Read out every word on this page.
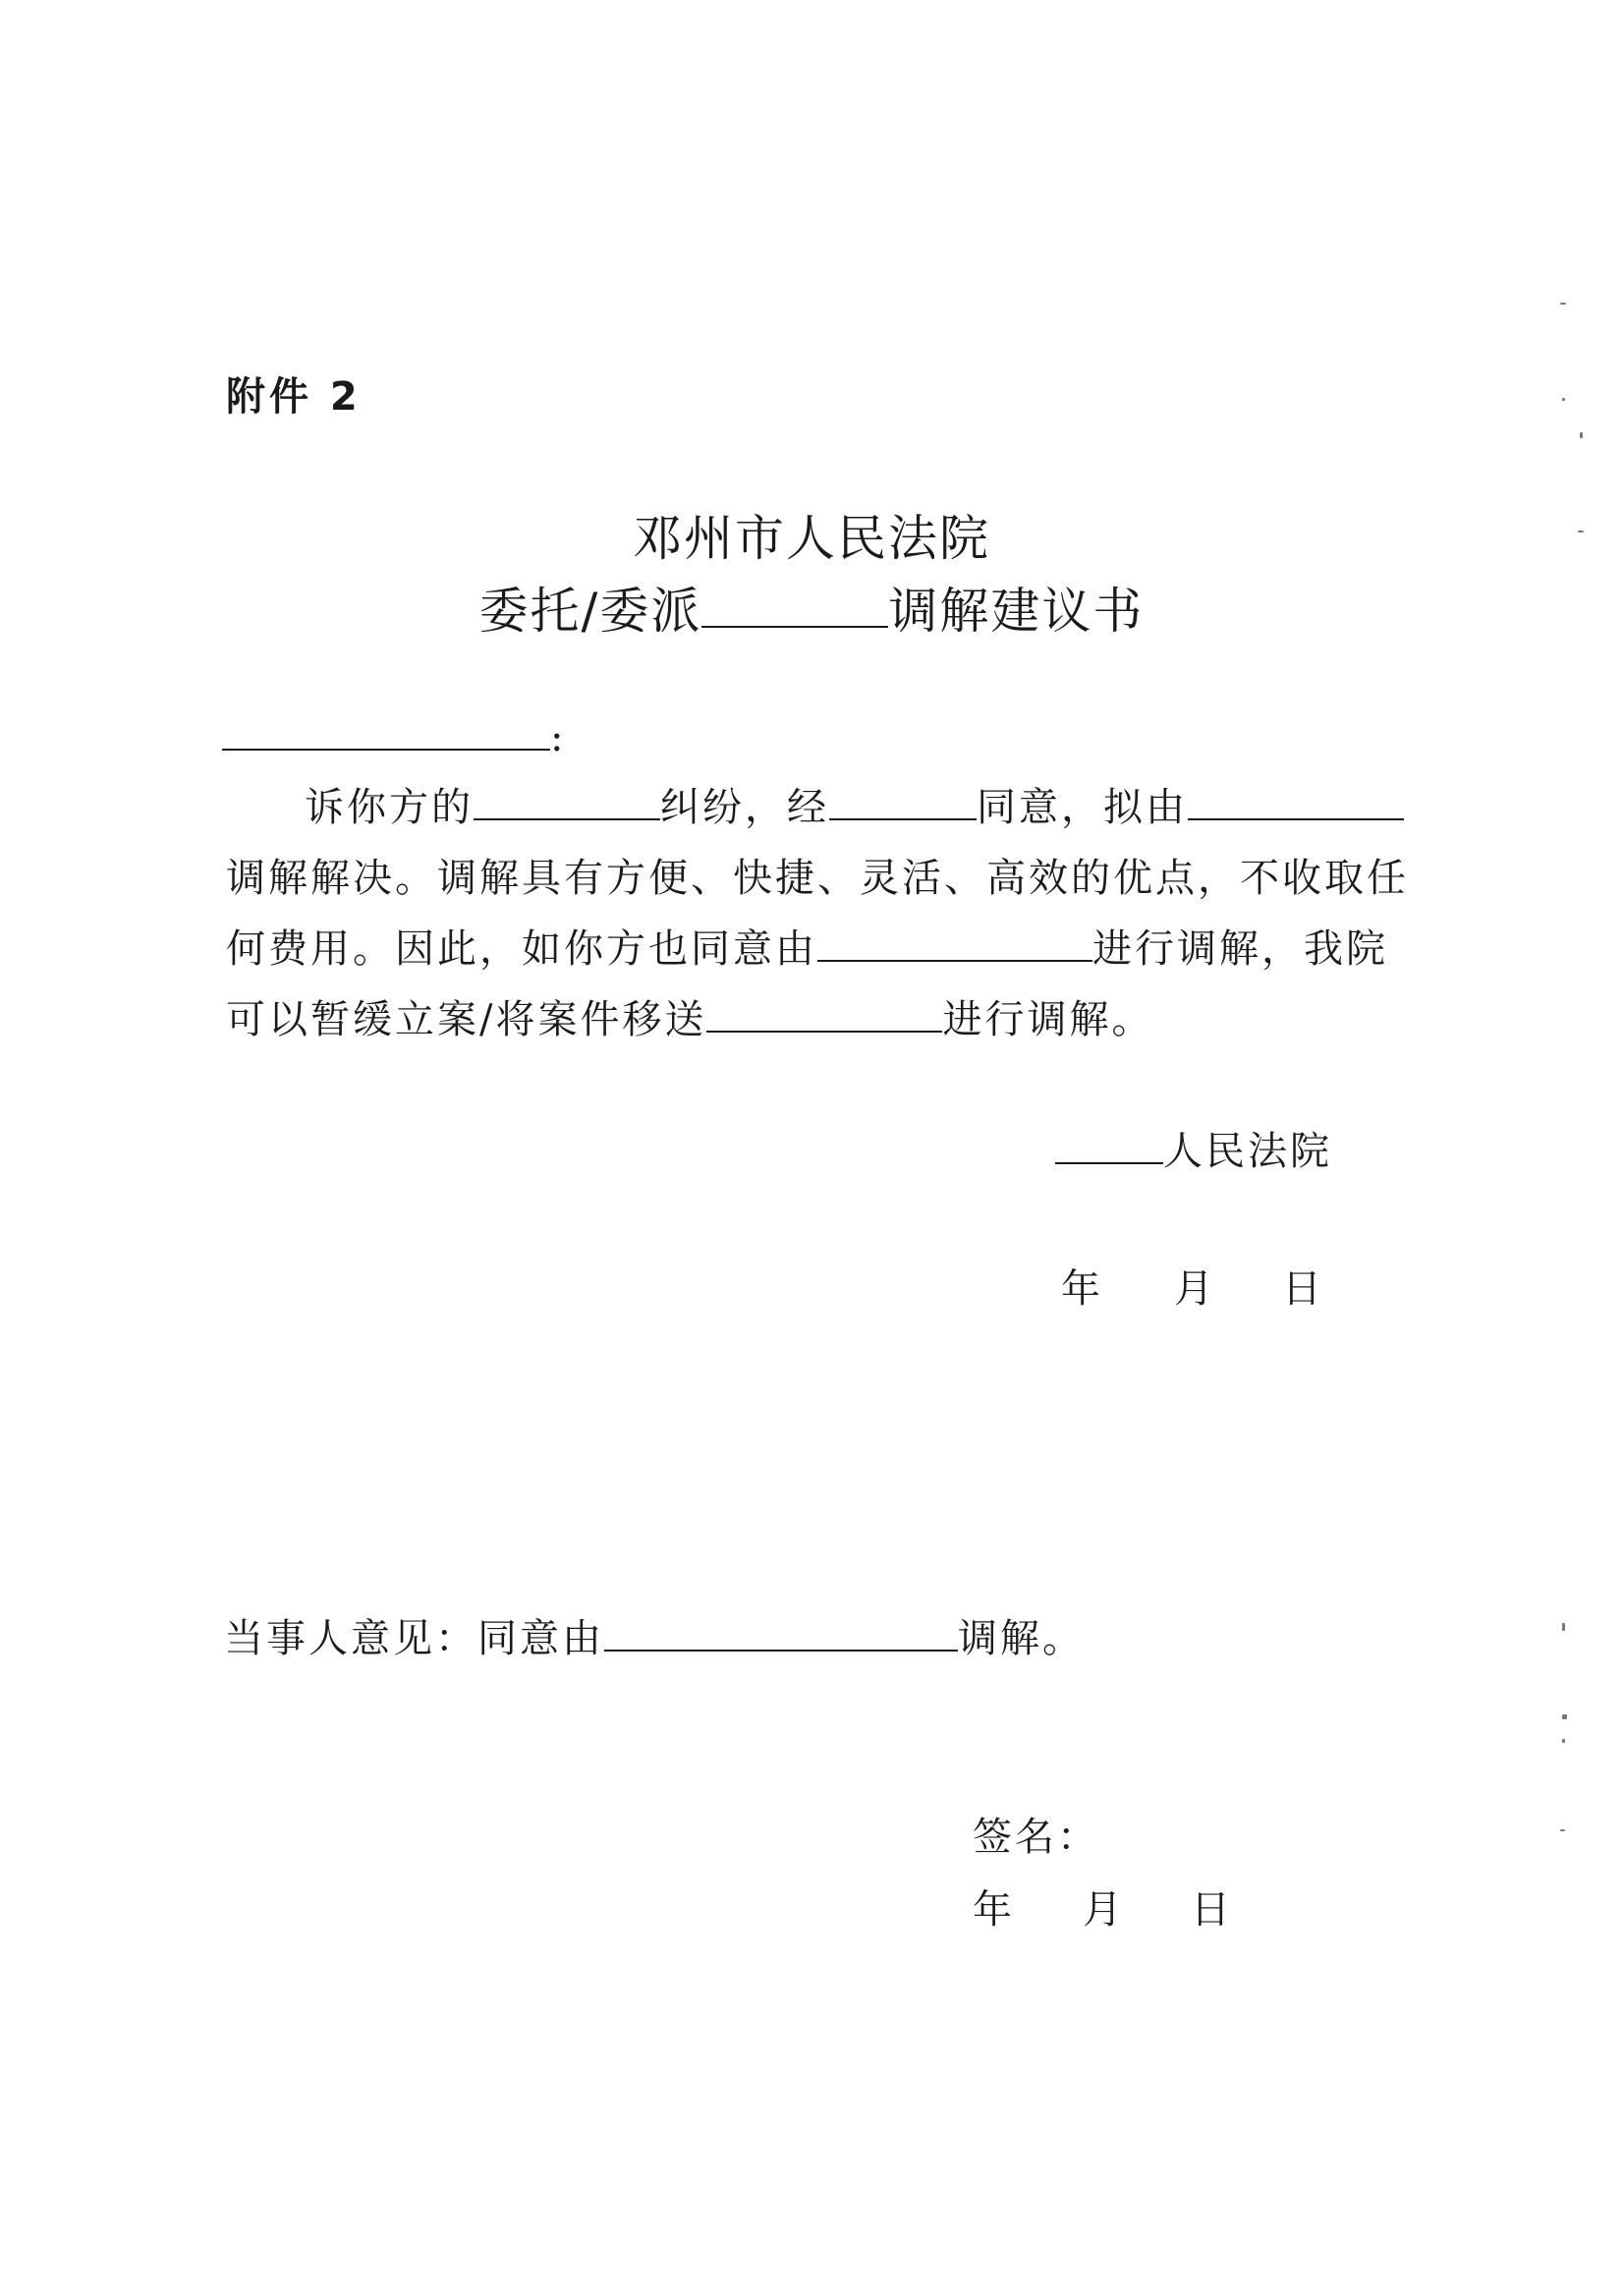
附件 2
邓州市人民法院
委托/委派	调解建议书
:
诉你方的	纠纷，经	同意，拟由
调解解决。调解具有方便、快捷、灵活、高效的优点，不收取任
何费用。因此，如你方也同意由	进行调解，我院
可以暂缓立案/将案件移送	进行调解。
人民法院
年 月 日
当事人意见：同意由	调解。
签名：
年 月 日
